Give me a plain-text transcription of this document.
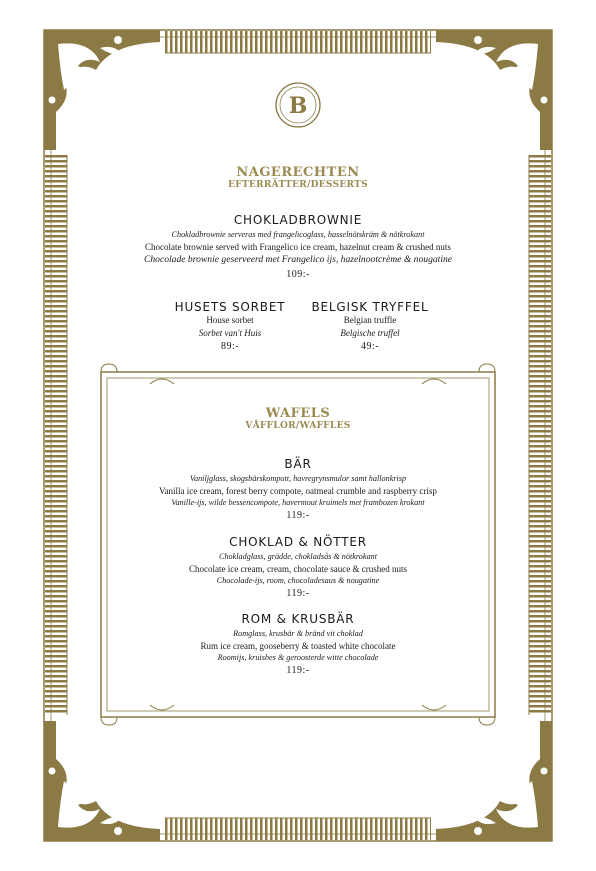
B
NAGERECHTEN
EFTERRÄTTER/DESSERTS
CHOKLADBROWNIE
Chokladbrownie serveras med frangelicoglass, hasselnötskräm & nötkrokant
Chocolate brownie served with Frangelico ice cream, hazelnut cream & crushed nuts
Chocolade brownie geserveerd met Frangelico ijs, hazelnootcrème & nougatine
109:-
HUSETS SORBET
House sorbet
Sorbet van't Huis
89:-
BELGISK TRYFFEL
Belgian truffle
Belgische truffel
49:-
WAFELS
VÅFFLOR/WAFFLES
BÄR
Vaniljglass, skogsbärskompott, havregrynsmulor samt hallonkrisp
Vanilla ice cream, forest berry compote, oatmeal crumble and raspberry crisp
Vanille-ijs, wilde bessencompote, havermout kruimels met frambozen krokant
119:-
CHOKLAD & NÖTTER
Chokladglass, grädde, chokladsås & nötkrokant
Chocolate ice cream, cream, chocolate sauce & crushed nuts
Chocolade-ijs, room, chocoladesaus & nougatine
119:-
ROM & KRUSBÄR
Romglass, krusbär & bränd vit choklad
Rum ice cream, gooseberry & toasted white chocolate
Roomijs, kruisbes & geroosterde witte chocolade
119:-
